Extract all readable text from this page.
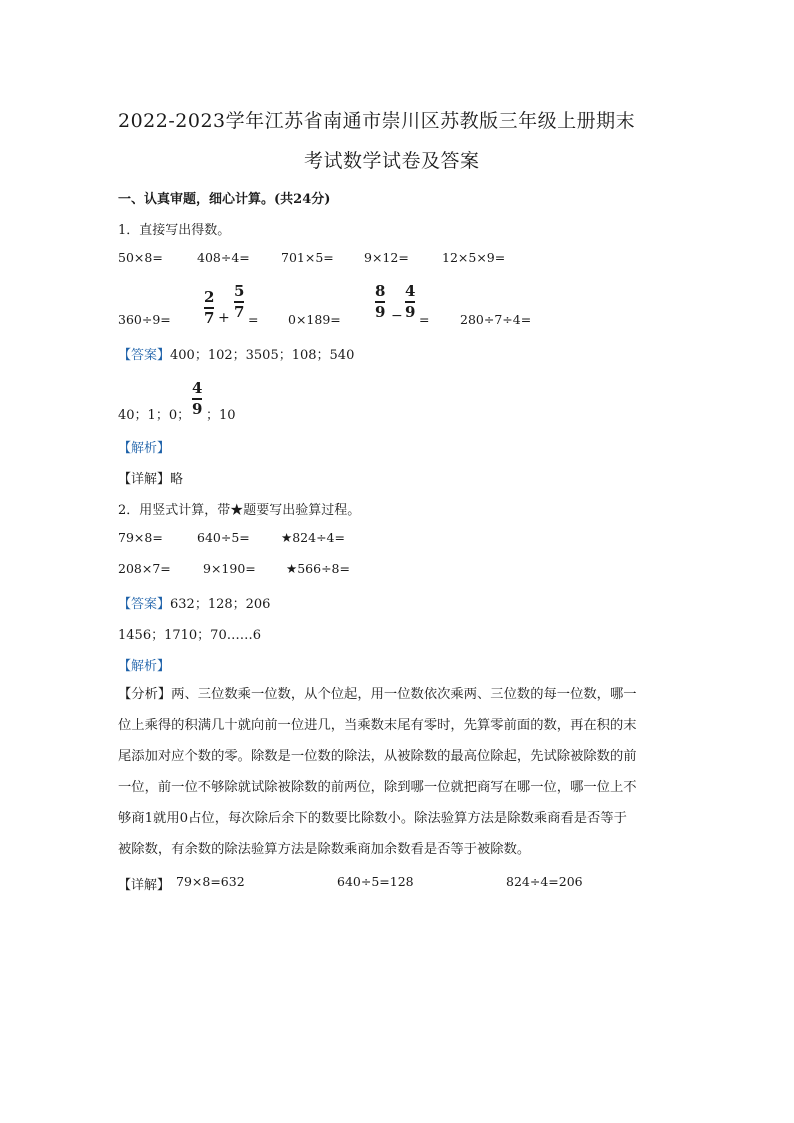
2022-2023学年江苏省南通市崇川区苏教版三年级上册期末
考试数学试卷及答案
一、认真审题，细心计算。(共24分)
1．直接写出得数。
50×8=	408÷4= 701×5= 9×12=	12×5×9=
360÷9=
2
7 +
5
7 = 0×189=
8
9 −
4
9 = 280÷7÷4=
【答案】400；102；3505；108；540
40；1；0；
4
9 ；10
【解析】
【详解】略
2．用竖式计算，带★题要写出验算过程。
79×8=	640÷5= ★824÷4=
208×7=	9×190= ★566÷8=
【答案】632；128；206
1456；1710；70……6
【解析】
【分析】两、三位数乘一位数，从个位起，用一位数依次乘两、三位数的每一位数，哪一
位上乘得的积满几十就向前一位进几，当乘数末尾有零时，先算零前面的数，再在积的末
尾添加对应个数的零。除数是一位数的除法，从被除数的最高位除起，先试除被除数的前
一位，前一位不够除就试除被除数的前两位，除到哪一位就把商写在哪一位，哪一位上不
够商1就用0占位，每次除后余下的数要比除数小。除法验算方法是除数乘商看是否等于
被除数，有余数的除法验算方法是除数乘商加余数看是否等于被除数。
【详解】 79×8=632	640÷5=128	824÷4=206
